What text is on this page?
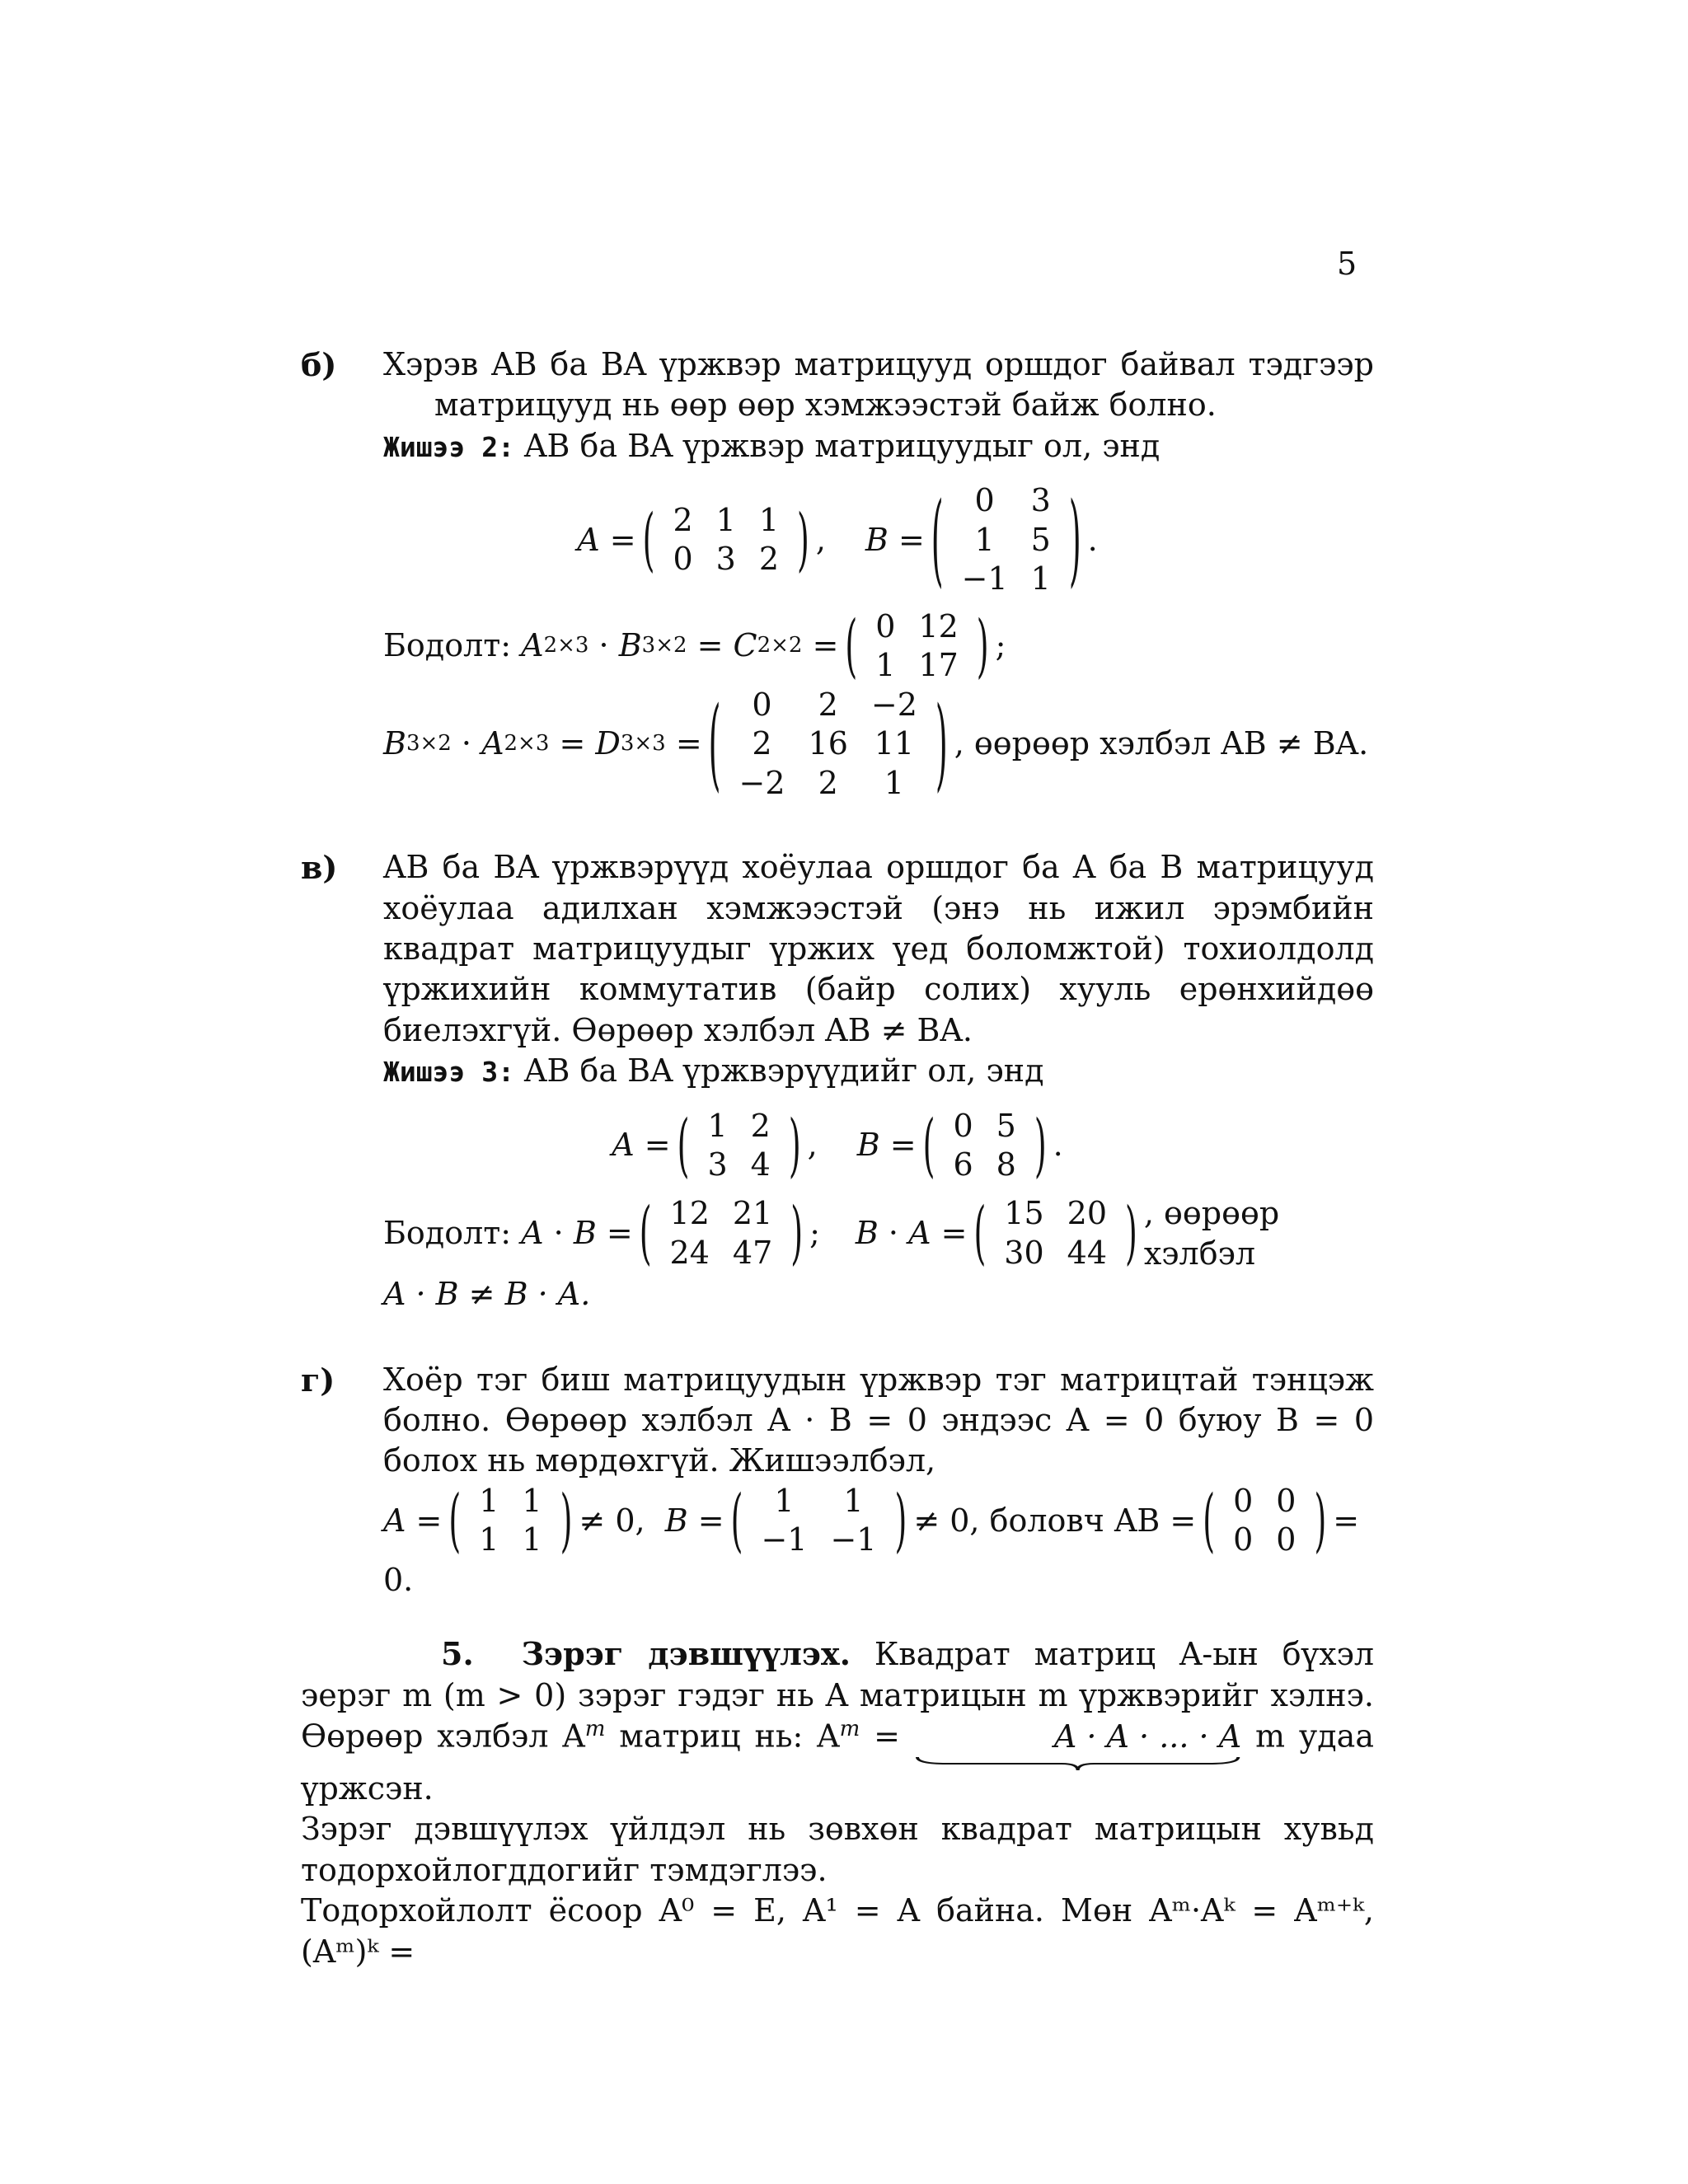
5
б) Хэрэв AB ба BA үржвэр матрицууд оршдог байвал тэдгээр матрицууд нь өөр өөр хэмжээстэй байж болно.

Жишээ 2: AB ба BA үржвэр матрицуудыг ол, энд

A = ( 2	1	1
0	3	2 ) , B = ( 0	3
1	5
−1	1 ) .
Бодолт:
A 2×3 · B 3×2 = C 2×2 = ( 0	12
1	17 ) ;
B 3×2 · A 2×3 = D 3×3 = ( 0	2	−2
2	16	11
−2	2	1 ) , өөрөөр хэлбэл AB ≠ BA.
в) AB ба BA үржвэрүүд хоёулаа оршдог ба A ба B матрицууд хоёулаа адилхан хэмжээстэй (энэ нь ижил эрэмбийн квадрат матрицуудыг үржих үед боломжтой) тохиолдолд үржихийн коммутатив (байр солих) хууль ерөнхийдөө биелэхгүй. Өөрөөр хэлбэл AB ≠ BA.

Жишээ 3: AB ба BA үржвэрүүдийг ол, энд

A = ( 1	2
3	4 ) , B = ( 0	5
6	8 ) .
Бодолт:
A · B = ( 12	21
24	47 ) ; B · A = ( 15	20
30	44 ) , өөрөөр хэлбэл

A · B ≠ B · A.

г) Хоёр тэг биш матрицуудын үржвэр тэг матрицтай тэнцэж болно. Өөрөөр хэлбэл A · B = 0 эндээс A = 0 буюу B = 0 болох нь мөрдөхгүй. Жишээлбэл,

A = ( 1	1
1	1 ) ≠ 0, B = ( 1	1
−1	−1 ) ≠ 0, боловч AB = ( 0	0
0	0 ) =

0.

5. Зэрэг дэвшүүлэх. Квадрат матриц A-ын бүхэл эерэг m (m > 0) зэрэг гэдэг нь A матрицын m үржвэрийг хэлнэ. Өөрөөр хэлбэл $A^m$ матриц нь: $A^m$ =	A · A · ... · A m удаа үржсэн.

Зэрэг дэвшүүлэх үйлдэл нь зөвхөн квадрат матрицын хувьд тодорхойлогддогийг тэмдэглээ.

Тодорхойлолт ёсоор A⁰ = E, A¹ = A байна. Мөн Aᵐ·Aᵏ = Aᵐ⁺ᵏ, (Aᵐ)ᵏ =
